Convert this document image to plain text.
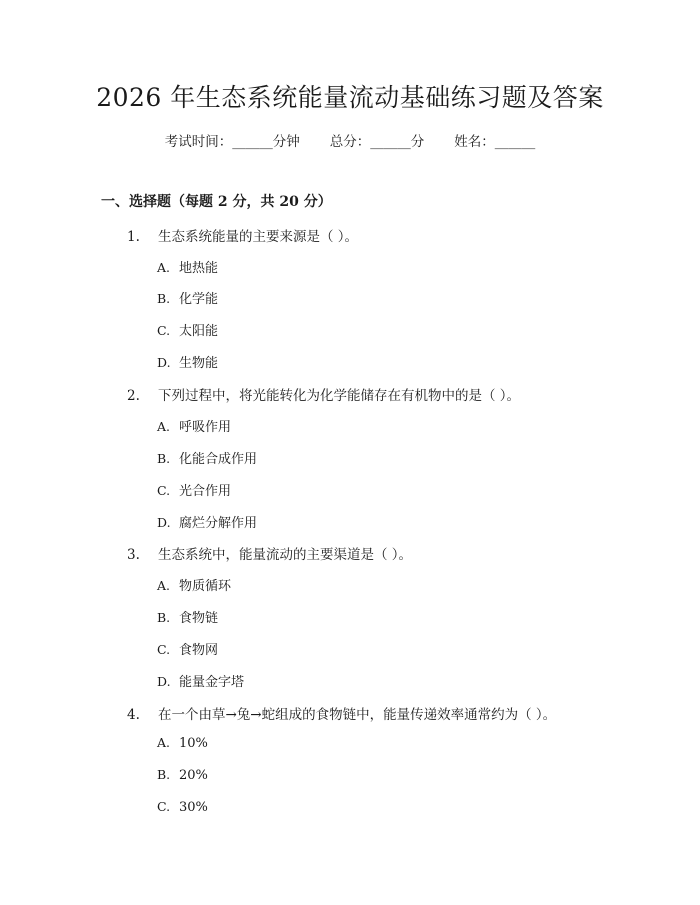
2026 年生态系统能量流动基础练习题及答案
考试时间：______分钟 总分：______分 姓名：______
一、选择题（每题 2 分，共 20 分）
1. 生态系统能量的主要来源是（ ）。
A. 地热能
B. 化学能
C. 太阳能
D. 生物能
2. 下列过程中，将光能转化为化学能储存在有机物中的是（ ）。
A. 呼吸作用
B. 化能合成作用
C. 光合作用
D. 腐烂分解作用
3. 生态系统中，能量流动的主要渠道是（ ）。
A. 物质循环
B. 食物链
C. 食物网
D. 能量金字塔
4. 在一个由草→兔→蛇组成的食物链中，能量传递效率通常约为（ ）。
A. 10%
B. 20%
C. 30%
